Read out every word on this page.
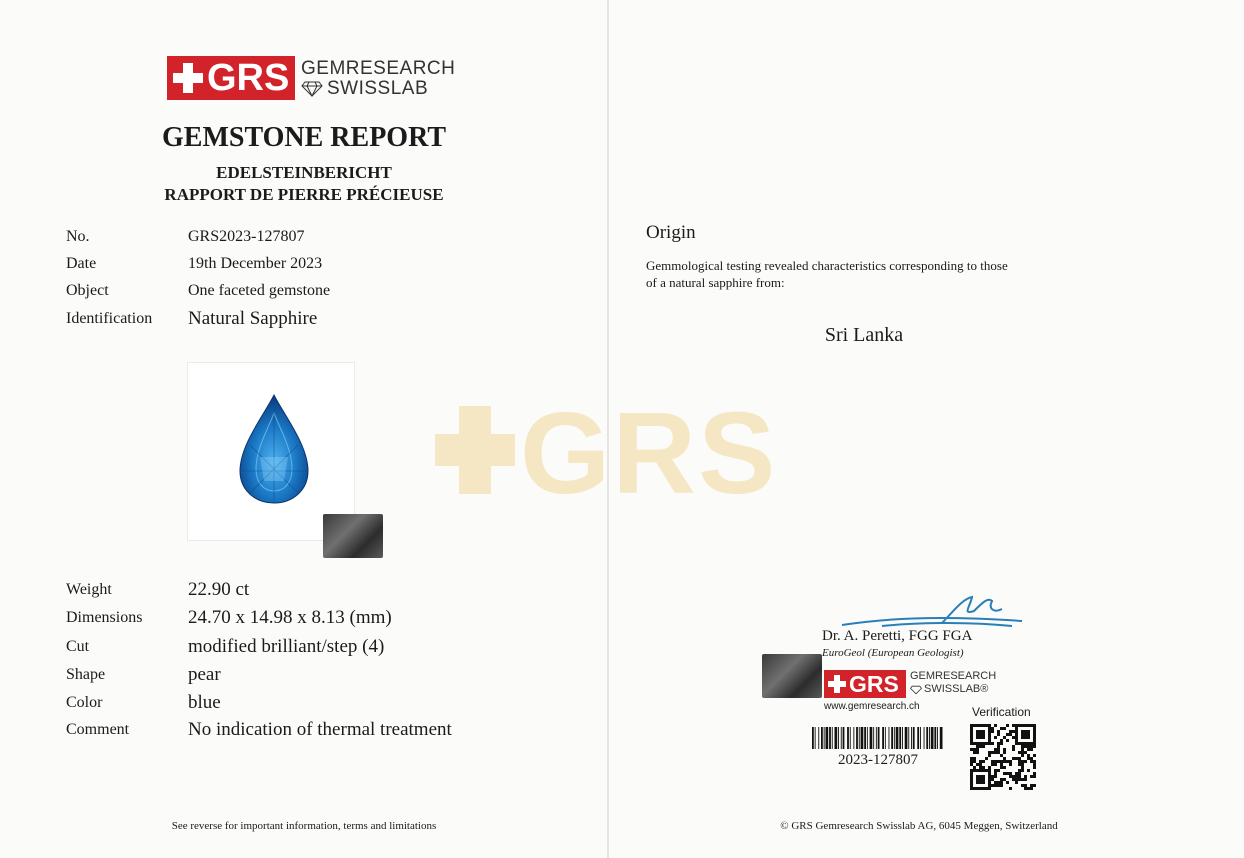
GRS
GRS GEMRESEARCH
SWISSLAB
GEMSTONE REPORT
EDELSTEINBERICHT
RAPPORT DE PIERRE PRÉCIEUSE
No.	GRS2023-127807
Date	19th December 2023
Object	One faceted gemstone
Identification Natural Sapphire
Weight	22.90 ct
Dimensions 24.70 x 14.98 x 8.13 (mm)
Cut	modified brilliant/step (4)
Shape	pear
Color	blue
Comment	No indication of thermal treatment
See reverse for important information, terms and limitations
Origin
Gemmological testing revealed characteristics corresponding to those
of a natural sapphire from:
Sri Lanka
Dr. A. Peretti, FGG FGA
EuroGeol (European Geologist)
GRS GEMRESEARCH
SWISSLAB®
www.gemresearch.ch	Verification
2023-127807
© GRS Gemresearch Swisslab AG, 6045 Meggen, Switzerland
